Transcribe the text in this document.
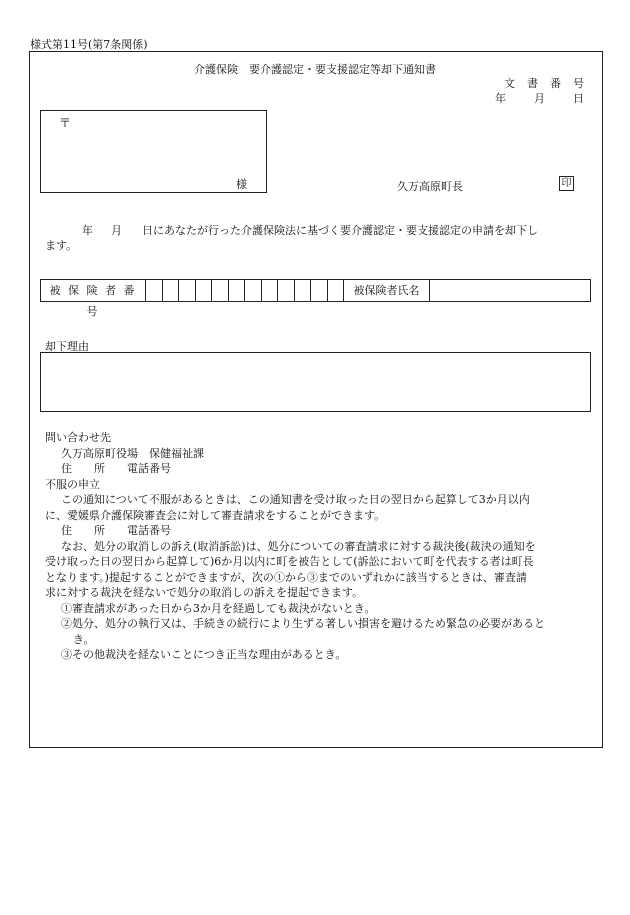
様式第11号(第7条関係)
介護保険　要介護認定・要支援認定等却下通知書
文 書 番 号
年	月	日
〒
様	久万高原町長	印
年 月 日にあなたが行った介護保険法に基づく要介護認定・要支援認定の申請を却下し
ます。
被 保 険 者 番 号
被保険者氏名
却下理由

問い合わせ先

久万高原町役場　保健福祉課

住　　所 電話番号

不服の申立

この通知について不服があるときは、この通知書を受け取った日の翌日から起算して3か月以内

に、愛媛県介護保険審査会に対して審査請求をすることができます。

住　　所 電話番号

なお、処分の取消しの訴え(取消訴訟)は、処分についての審査請求に対する裁決後(裁決の通知を

受け取った日の翌日から起算して)6か月以内に町を被告として(訴訟において町を代表する者は町長

となります。)提起することができますが、次の①から③までのいずれかに該当するときは、審査請

求に対する裁決を経ないで処分の取消しの訴えを提起できます。

①審査請求があった日から3か月を経過しても裁決がないとき。

②処分、処分の執行又は、手続きの続行により生ずる著しい損害を避けるため緊急の必要があると

き。

③その他裁決を経ないことにつき正当な理由があるとき。
